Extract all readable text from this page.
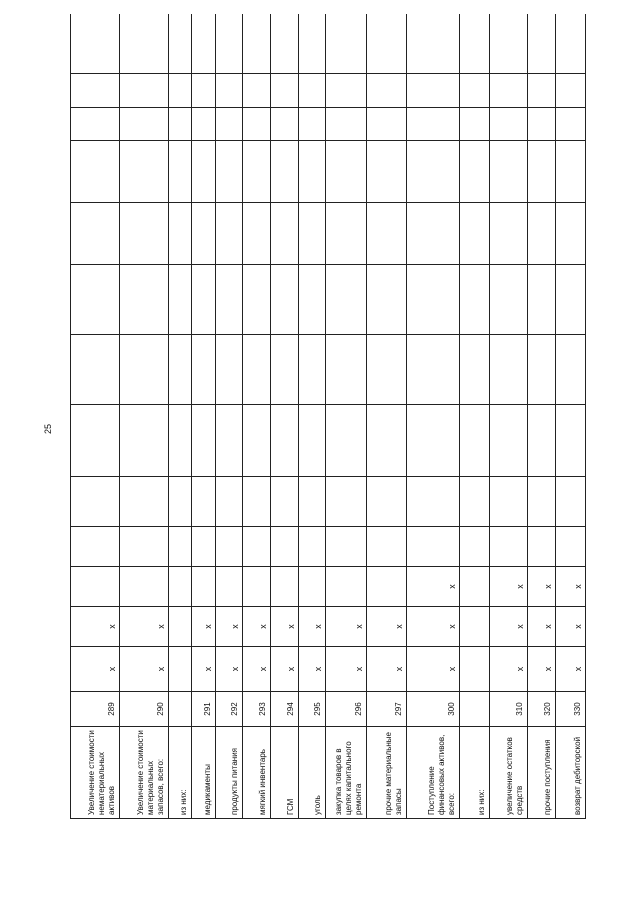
25
Увеличение стоимости нематериальных активов	289	x	x											
Увеличение стоимости материальных запасов, всего:	290	x	x											
из них:														
медикаменты	291	x	x											
продукты питания	292	x	x											
мягкий инвентарь	293	x	x											
ГСМ	294	x	x											
уголь	295	x	x											
закупка товаров в целях капитального ремонта	296	x	x											
прочие материальные запасы	297	x	x											
Поступление финансовых активов, всего:	300	x	x	x										
из них:														
увеличение остатков средств	310	x	x	x										
прочие поступления	320	x	x	x										
возврат дебиторской	330	x	x	x										
